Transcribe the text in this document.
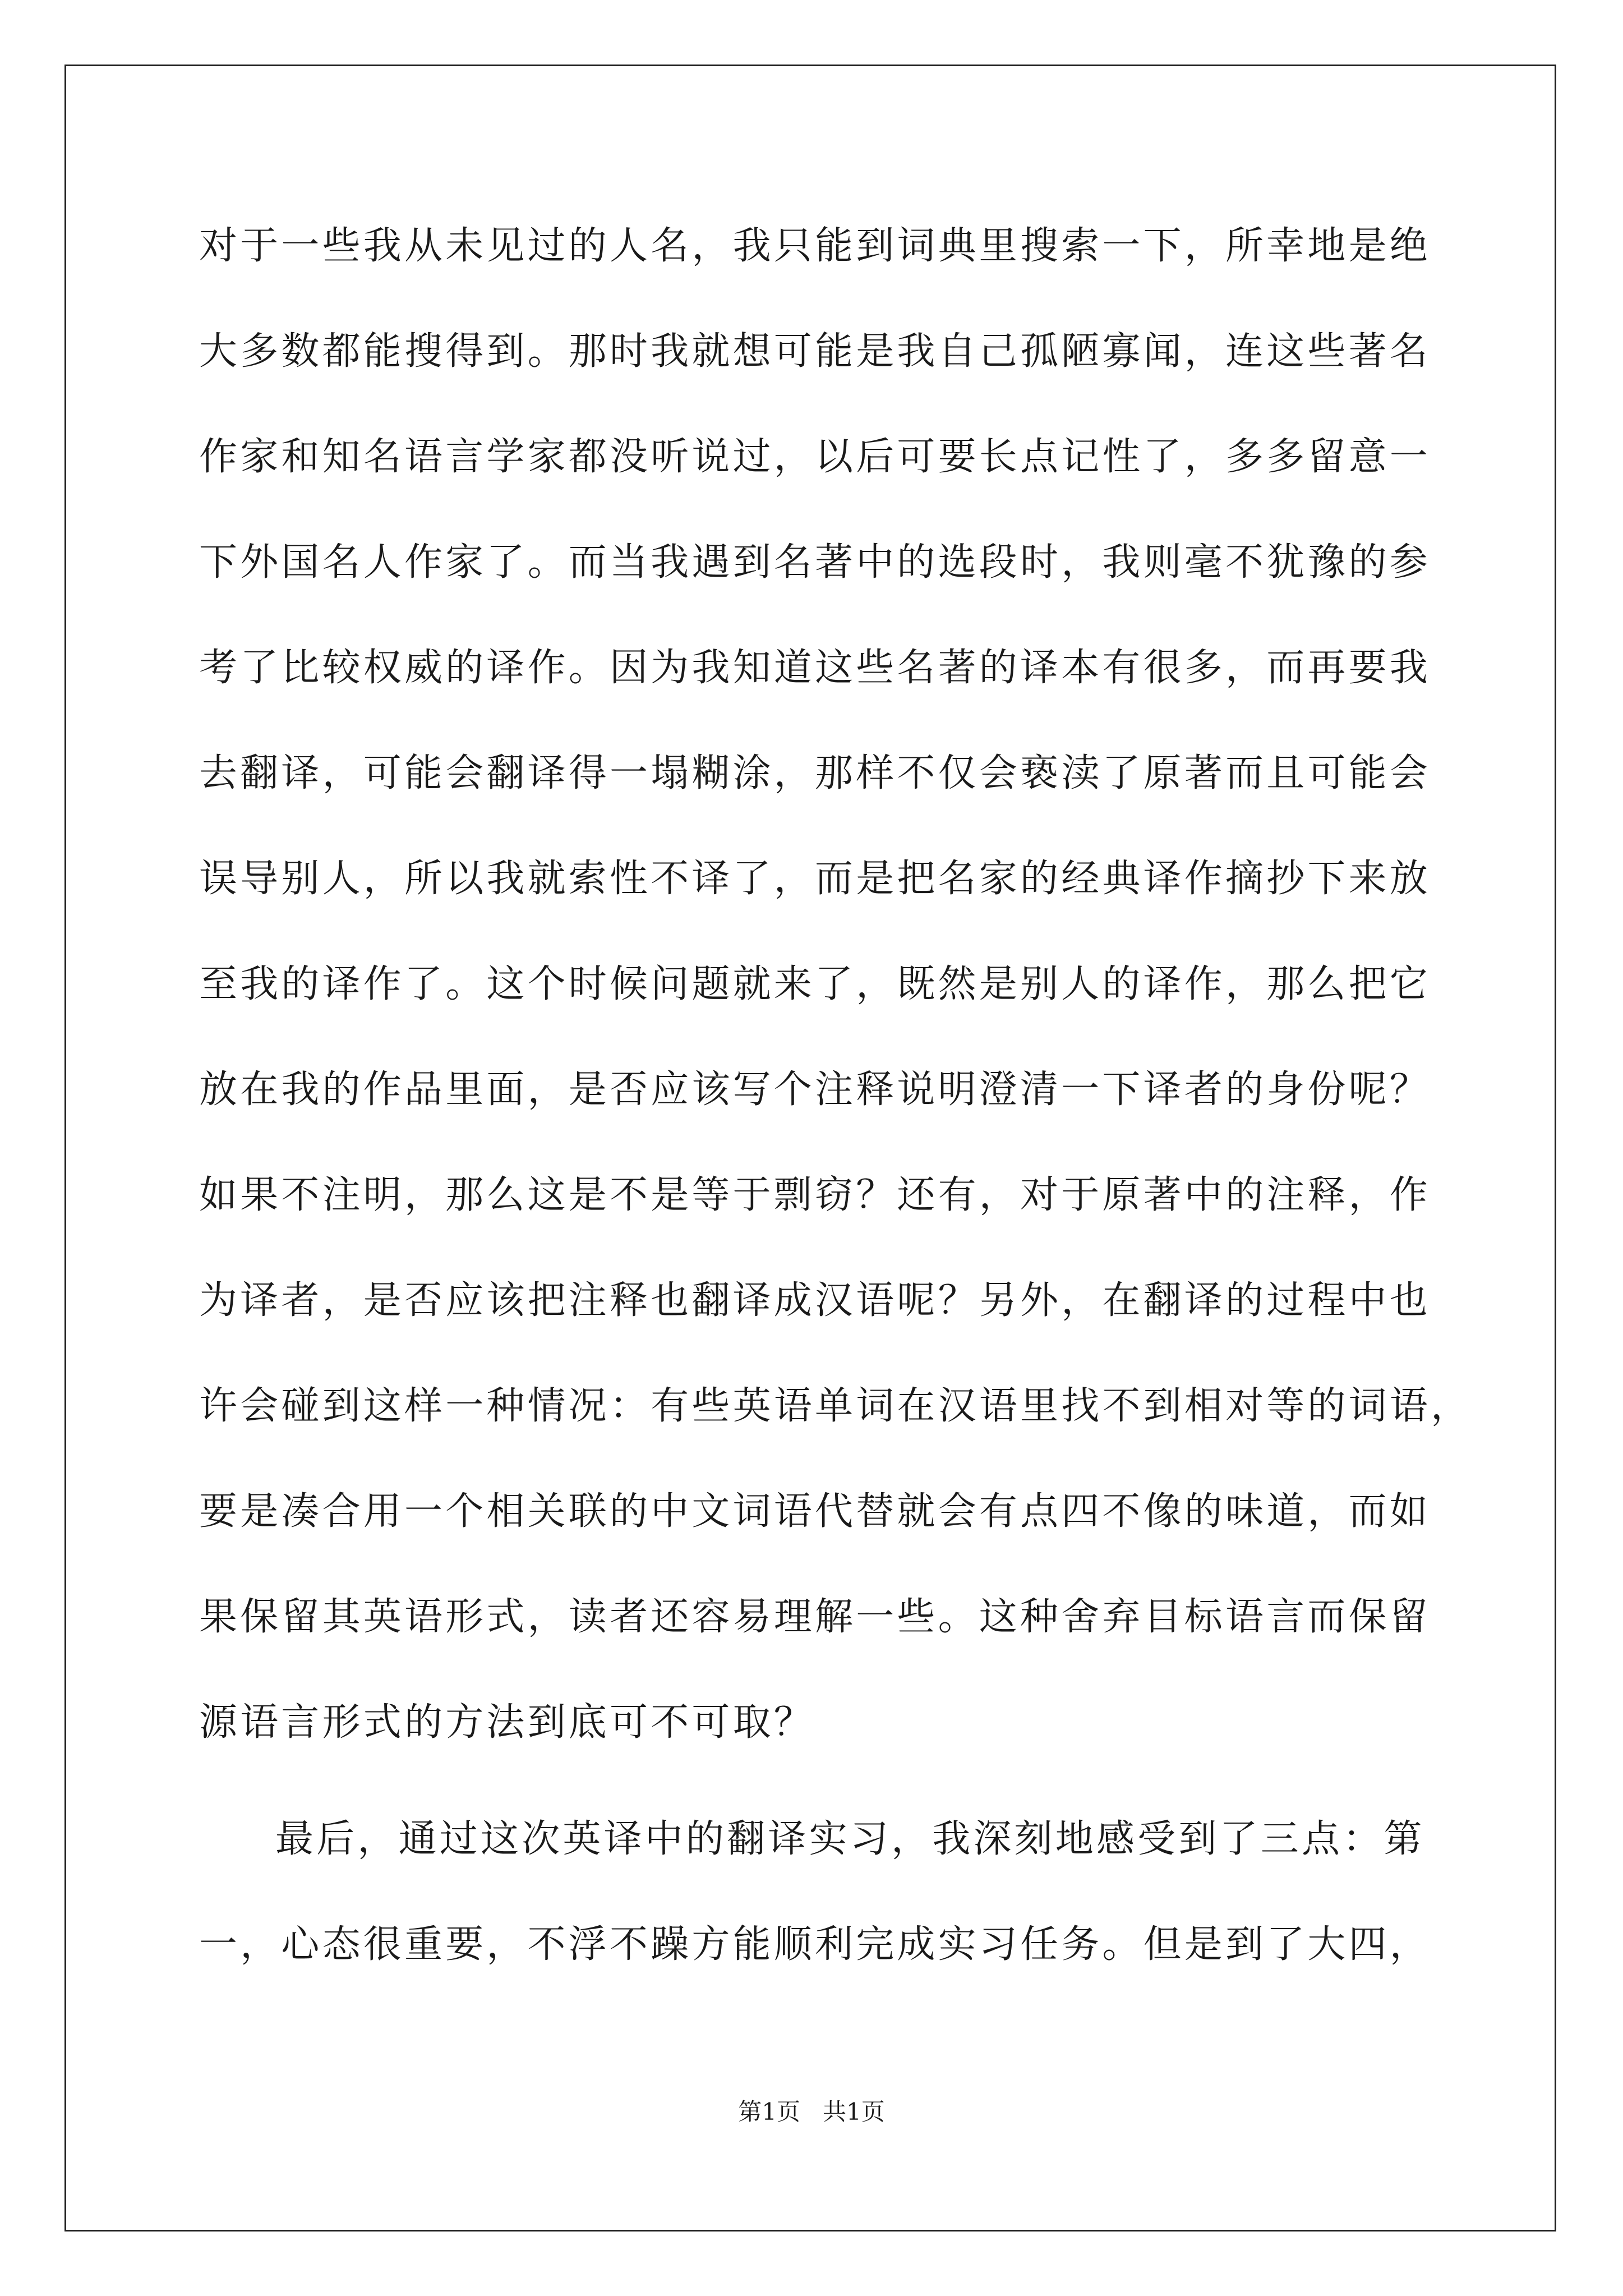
对于一些我从未见过的人名，我只能到词典里搜索一下，所幸地是绝
大多数都能搜得到。那时我就想可能是我自己孤陋寡闻，连这些著名
作家和知名语言学家都没听说过，以后可要长点记性了，多多留意一
下外国名人作家了。而当我遇到名著中的选段时，我则毫不犹豫的参
考了比较权威的译作。因为我知道这些名著的译本有很多，而再要我
去翻译，可能会翻译得一塌糊涂，那样不仅会亵渎了原著而且可能会
误导别人，所以我就索性不译了，而是把名家的经典译作摘抄下来放
至我的译作了。这个时候问题就来了，既然是别人的译作，那么把它
放在我的作品里面，是否应该写个注释说明澄清一下译者的身份呢？
如果不注明，那么这是不是等于剽窃？还有，对于原著中的注释，作
为译者，是否应该把注释也翻译成汉语呢？另外，在翻译的过程中也
许会碰到这样一种情况：有些英语单词在汉语里找不到相对等的词语，
要是凑合用一个相关联的中文词语代替就会有点四不像的味道，而如
果保留其英语形式，读者还容易理解一些。这种舍弃目标语言而保留
源语言形式的方法到底可不可取？
最后，通过这次英译中的翻译实习，我深刻地感受到了三点：第
一，心态很重要，不浮不躁方能顺利完成实习任务。但是到了大四，
第1页   共1页
